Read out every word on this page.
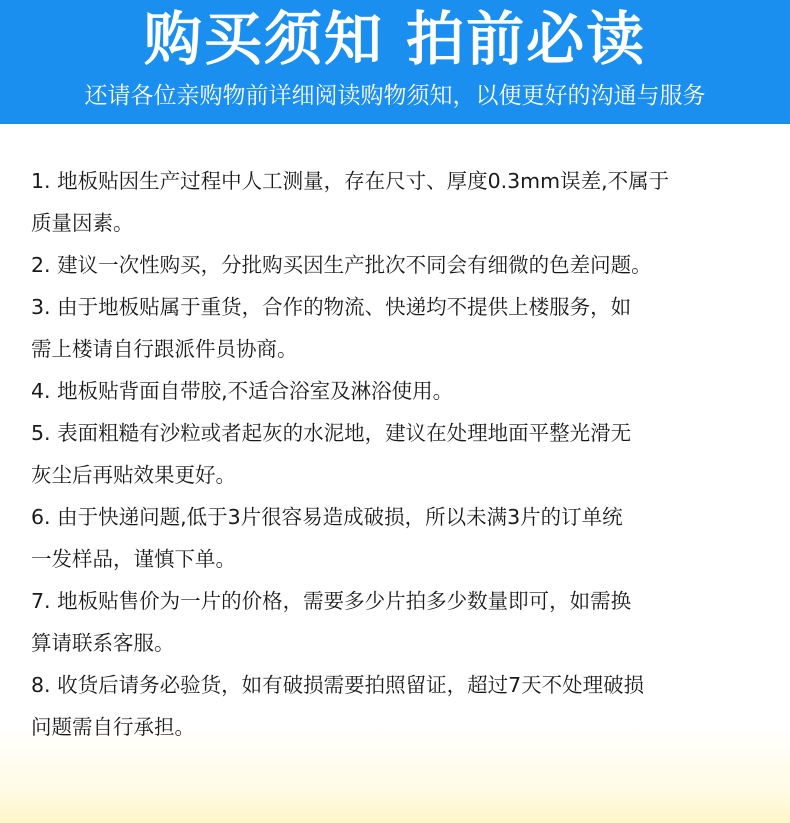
购买须知 拍前必读
还请各位亲购物前详细阅读购物须知，以便更好的沟通与服务
1. 地板贴因生产过程中人工测量，存在尺寸、厚度0.3mm误差,不属于
质量因素。
2. 建议一次性购买，分批购买因生产批次不同会有细微的色差问题。
3. 由于地板贴属于重货，合作的物流、快递均不提供上楼服务，如
需上楼请自行跟派件员协商。
4. 地板贴背面自带胶,不适合浴室及淋浴使用。
5. 表面粗糙有沙粒或者起灰的水泥地，建议在处理地面平整光滑无
灰尘后再贴效果更好。
6. 由于快递问题,低于3片很容易造成破损，所以未满3片的订单统
一发样品，谨慎下单。
7. 地板贴售价为一片的价格，需要多少片拍多少数量即可，如需换
算请联系客服。
8. 收货后请务必验货，如有破损需要拍照留证，超过7天不处理破损
问题需自行承担。
